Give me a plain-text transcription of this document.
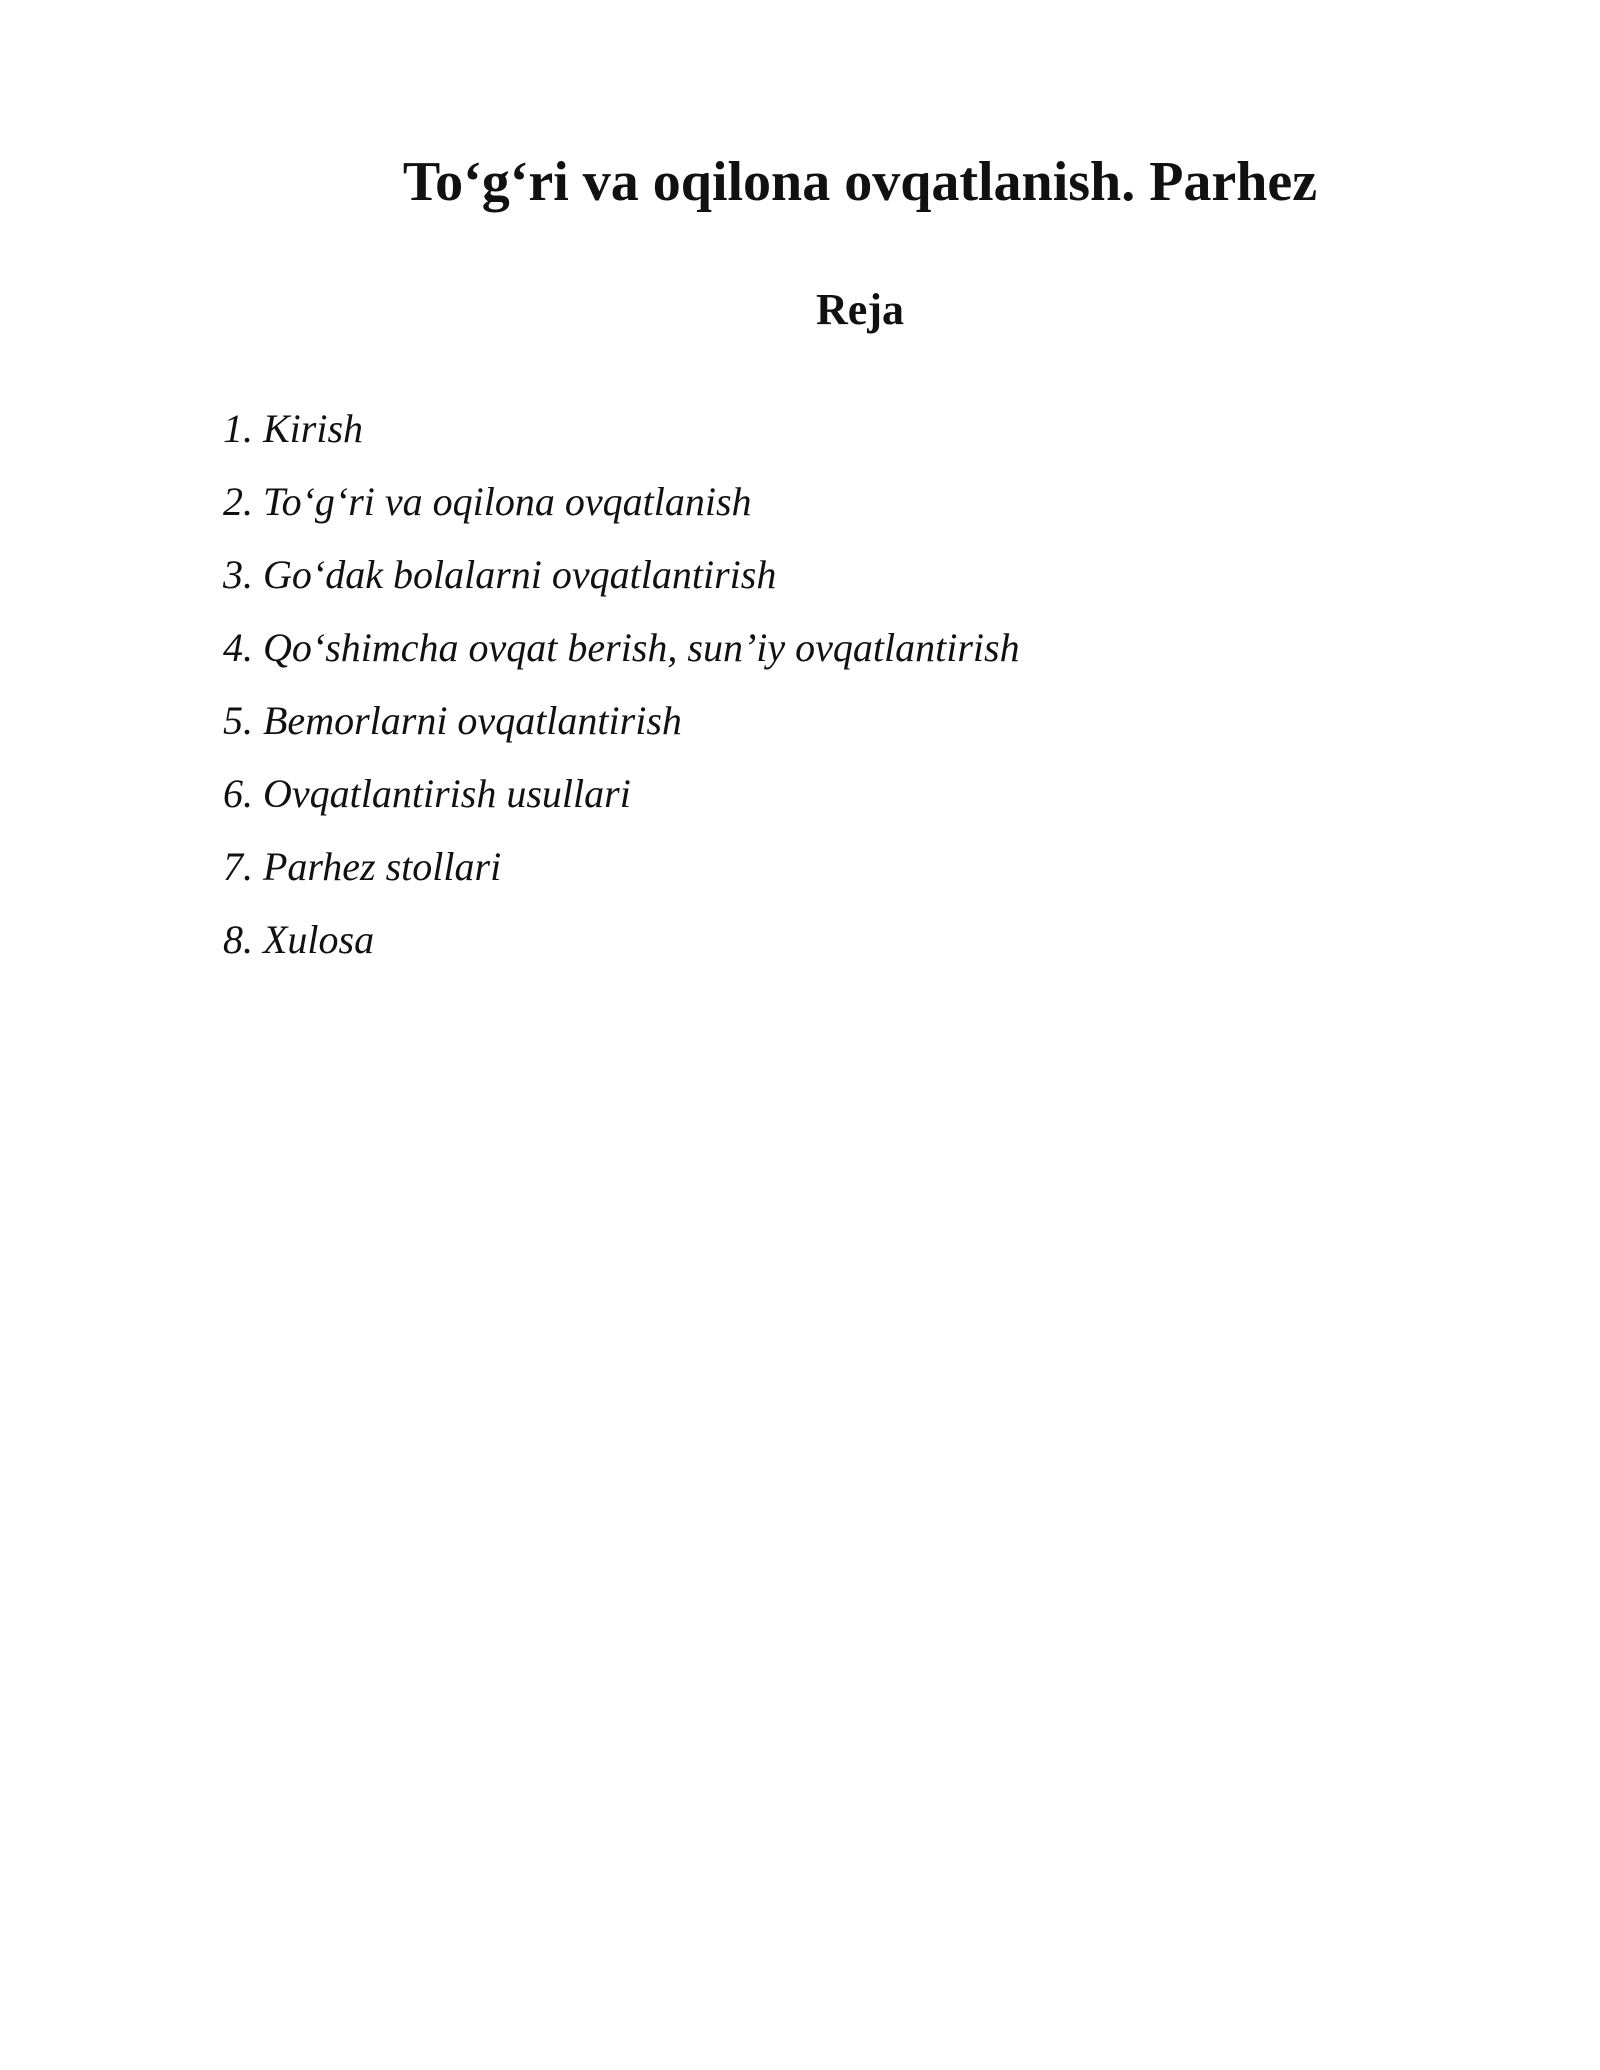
To‘g‘ri va oqilona ovqatlanish. Parhez
Reja
1. Kirish
2. To‘g‘ri va oqilona ovqatlanish
3. Go‘dak bolalarni ovqatlantirish
4. Qo‘shimcha ovqat berish, sun’iy ovqatlantirish
5. Bemorlarni ovqatlantirish
6. Ovqatlantirish usullari
7. Parhez stollari
8. Xulosa
